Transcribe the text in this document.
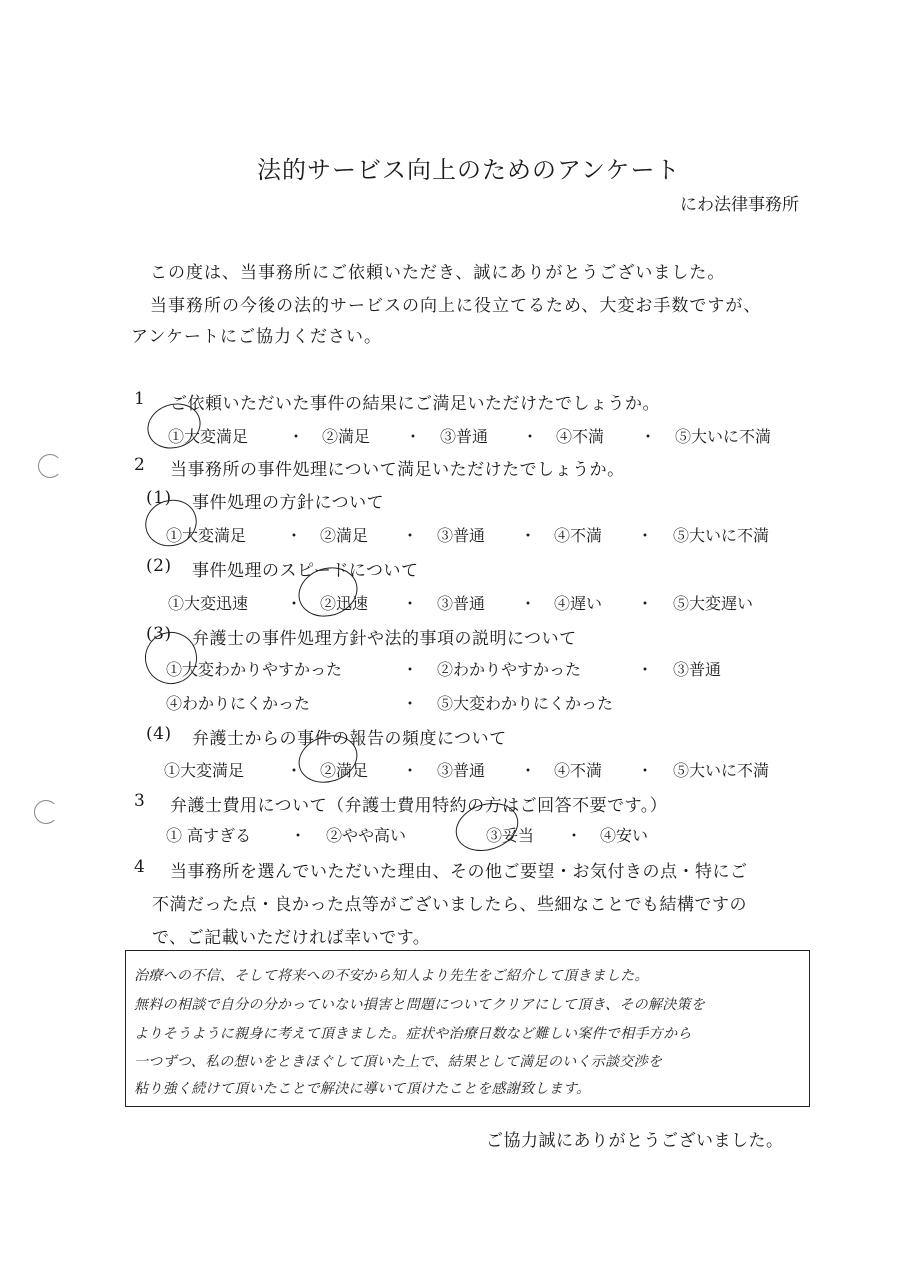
法的サービス向上のためのアンケート
にわ法律事務所
この度は、当事務所にご依頼いただき、誠にありがとうございました。
当事務所の今後の法的サービスの向上に役立てるため、大変お手数ですが、
アンケートにご協力ください。
1 ご依頼いただいた事件の結果にご満足いただけたでしょうか。
①大変満足 ・ ②満足 ・ ③普通 ・ ④不満 ・ ⑤大いに不満
2 当事務所の事件処理について満足いただけたでしょうか。
(1) 事件処理の方針について
①大変満足 ・ ②満足 ・ ③普通 ・ ④不満 ・ ⑤大いに不満
(2) 事件処理のスピードについて
①大変迅速 ・ ②迅速 ・ ③普通 ・ ④遅い ・ ⑤大変遅い
(3) 弁護士の事件処理方針や法的事項の説明について
①大変わかりやすかった	・ ②わかりやすかった	・ ③普通
④わかりにくかった	・ ⑤大変わかりにくかった
(4) 弁護士からの事件の報告の頻度について
①大変満足	・ ②満足 ・ ③普通 ・ ④不満 ・ ⑤大いに不満
3 弁護士費用について（弁護士費用特約の方はご回答不要です。）
① 高すぎる ・ ②やや高い	③妥当 ・ ④安い
4 当事務所を選んでいただいた理由、その他ご要望・お気付きの点・特にご
不満だった点・良かった点等がございましたら、些細なことでも結構ですの
で、ご記載いただければ幸いです。
治療への不信、そして将来への不安から知人より先生をご紹介して頂きました。
無料の相談で自分の分かっていない損害と問題についてクリアにして頂き、その解決策を
よりそうように親身に考えて頂きました。症状や治療日数など難しい案件で相手方から
一つずつ、私の想いをときほぐして頂いた上で、結果として満足のいく示談交渉を
粘り強く続けて頂いたことで解決に導いて頂けたことを感謝致します。
ご協力誠にありがとうございました。
